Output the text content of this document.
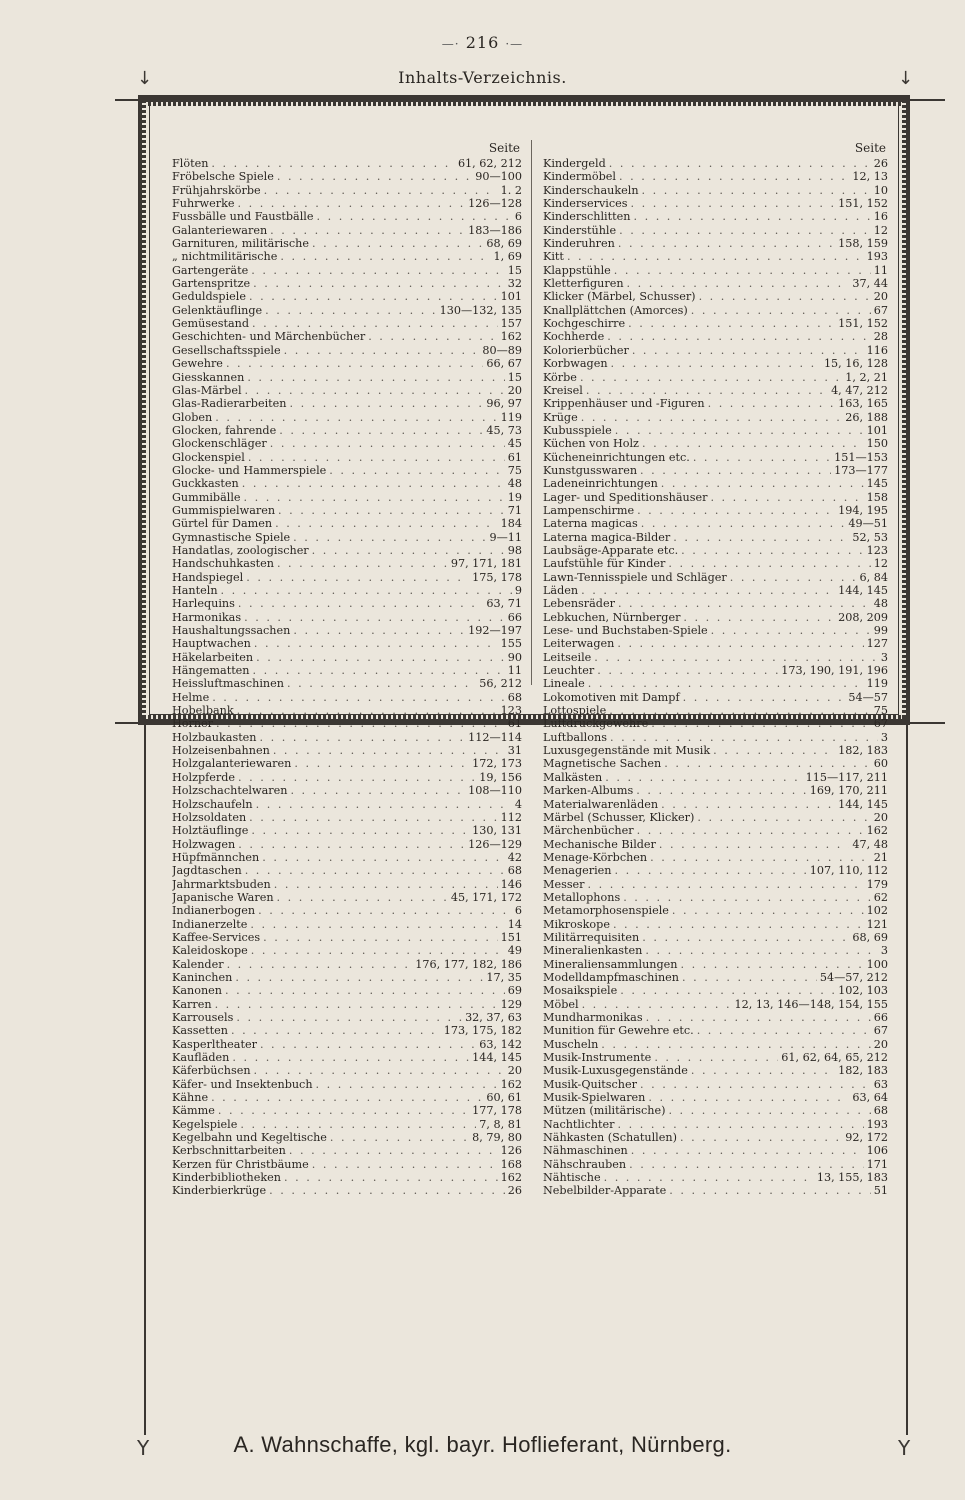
—· 216 ·—
Inhalts-Verzeichnis.
↓	↓
Seite
Flöten . . .	61, 62, 212
Fröbelsche Spiele . . .	90—100
Frühjahrskörbe . . .	1. 2
Fuhrwerke . . .	126—128
Fussbälle und Faustbälle . . .	6
Galanteriewaren . . .	183—186
Garnituren, militärische . . .	68, 69
„ nichtmilitärische . . .	1, 69
Gartengeräte . . .	15
Gartenspritze . . .	32
Geduldspiele . . .	101
Gelenktäuflinge . . .	130—132, 135
Gemüsestand . . .	157
Geschichten- und Märchenbücher . . .	162
Gesellschaftsspiele . . .	80—89
Gewehre . . .	66, 67
Giesskannen . . .	15
Glas-Märbel . . .	20
Glas-Radierarbeiten . . .	96, 97
Globen . . .	119
Glocken, fahrende . . .	45, 73
Glockenschläger . . .	45
Glockenspiel . . .	61
Glocke- und Hammerspiele . . .	75
Guckkasten . . .	48
Gummibälle . . .	19
Gummispielwaren . . .	71
Gürtel für Damen . . .	184
Gymnastische Spiele . . .	9—11
Handatlas, zoologischer . . .	98
Handschuhkasten . . .	97, 171, 181
Handspiegel . . .	175, 178
Hanteln . . .	9
Harlequins . . .	63, 71
Harmonikas . . .	66
Haushaltungssachen . . .	192—197
Hauptwachen . . .	155
Häkelarbeiten . . .	90
Hängematten . . .	11
Heissluftmaschinen . . .	56, 212
Helme . . .	68
Hobelbank . . .	123
Hörner . . .	61
Holzbaukasten . . .	112—114
Holzeisenbahnen . . .	31
Holzgalanteriewaren . . .	172, 173
Holzpferde . . .	19, 156
Holzschachtelwaren . . .	108—110
Holzschaufeln . . .	4
Holzsoldaten . . .	112
Holztäuflinge . . .	130, 131
Holzwagen . . .	126—129
Hüpfmännchen . . .	42
Jagdtaschen . . .	68
Jahrmarktsbuden . . .	146
Japanische Waren . . .	45, 171, 172
Indianerbogen . . .	6
Indianerzelte . . .	14
Kaffee-Services . . .	151
Kaleidoskope . . .	49
Kalender . . .	176, 177, 182, 186
Kaninchen . . .	17, 35
Kanonen . . .	69
Karren . . .	129
Karrousels . . .	32, 37, 63
Kassetten . . .	173, 175, 182
Kasperltheater . . .	63, 142
Kaufläden . . .	144, 145
Käferbüchsen . . .	20
Käfer- und Insektenbuch . . .	162
Kähne . . .	60, 61
Kämme . . .	177, 178
Kegelspiele . . .	7, 8, 81
Kegelbahn und Kegeltische . . .	8, 79, 80
Kerbschnittarbeiten . . .	126
Kerzen für Christbäume . . .	168
Kinderbibliotheken . . .	162
Kinderbierkrüge . . .	26
Seite
Kindergeld . . .	26
Kindermöbel . . .	12, 13
Kinderschaukeln . . .	10
Kinderservices . . .	151, 152
Kinderschlitten . . .	16
Kinderstühle . . .	12
Kinderuhren . . .	158, 159
Kitt . . .	193
Klappstühle . . .	11
Kletterfiguren . . .	37, 44
Klicker (Märbel, Schusser) . . .	20
Knallplättchen (Amorces) . . .	67
Kochgeschirre . . .	151, 152
Kochherde . . .	28
Kolorierbücher . . .	116
Korbwagen . . .	15, 16, 128
Körbe . . .	1, 2, 21
Kreisel . . .	4, 47, 212
Krippenhäuser und -Figuren . . .	163, 165
Krüge . . .	26, 188
Kubusspiele . . .	101
Küchen von Holz . . .	150
Kücheneinrichtungen etc. . . .	151—153
Kunstgusswaren . . .	173—177
Ladeneinrichtungen . . .	145
Lager- und Speditionshäuser . . .	158
Lampenschirme . . .	194, 195
Laterna magicas . . .	49—51
Laterna magica-Bilder . . .	52, 53
Laubsäge-Apparate etc. . . .	123
Laufstühle für Kinder . . .	12
Lawn-Tennisspiele und Schläger . . .	6, 84
Läden . . .	144, 145
Lebensräder . . .	48
Lebkuchen, Nürnberger . . .	208, 209
Lese- und Buchstaben-Spiele . . .	99
Leiterwagen . . .	127
Leitseile . . .	3
Leuchter . . .	173, 190, 191, 196
Lineale . . .	119
Lokomotiven mit Dampf . . .	54—57
Lottospiele . . .	75
Luftdruckgewehre . . .	67
Luftballons . . .	3
Luxusgegenstände mit Musik . . .	182, 183
Magnetische Sachen . . .	60
Malkästen . . .	115—117, 211
Marken-Albums . . .	169, 170, 211
Materialwarenläden . . .	144, 145
Märbel (Schusser, Klicker) . . .	20
Märchenbücher . . .	162
Mechanische Bilder . . .	47, 48
Menage-Körbchen . . .	21
Menagerien . . .	107, 110, 112
Messer . . .	179
Metallophons . . .	62
Metamorphosenspiele . . .	102
Mikroskope . . .	121
Militärrequisiten . . .	68, 69
Mineralienkasten . . .	3
Mineraliensammlungen . . .	100
Modelldampfmaschinen . . .	54—57, 212
Mosaikspiele . . .	102, 103
Möbel . . .	12, 13, 146—148, 154, 155
Mundharmonikas . . .	66
Munition für Gewehre etc. . . .	67
Muscheln . . .	20
Musik-Instrumente . . .	61, 62, 64, 65, 212
Musik-Luxusgegenstände . . .	182, 183
Musik-Quitscher . . .	63
Musik-Spielwaren . . .	63, 64
Mützen (militärische) . . .	68
Nachtlichter . . .	193
Nähkasten (Schatullen) . . .	92, 172
Nähmaschinen . . .	106
Nähschrauben . . .	171
Nähtische . . .	13, 155, 183
Nebelbilder-Apparate . . .	51
Y	A. Wahnschaffe, kgl. bayr. Hoflieferant, Nürnberg.	Y
